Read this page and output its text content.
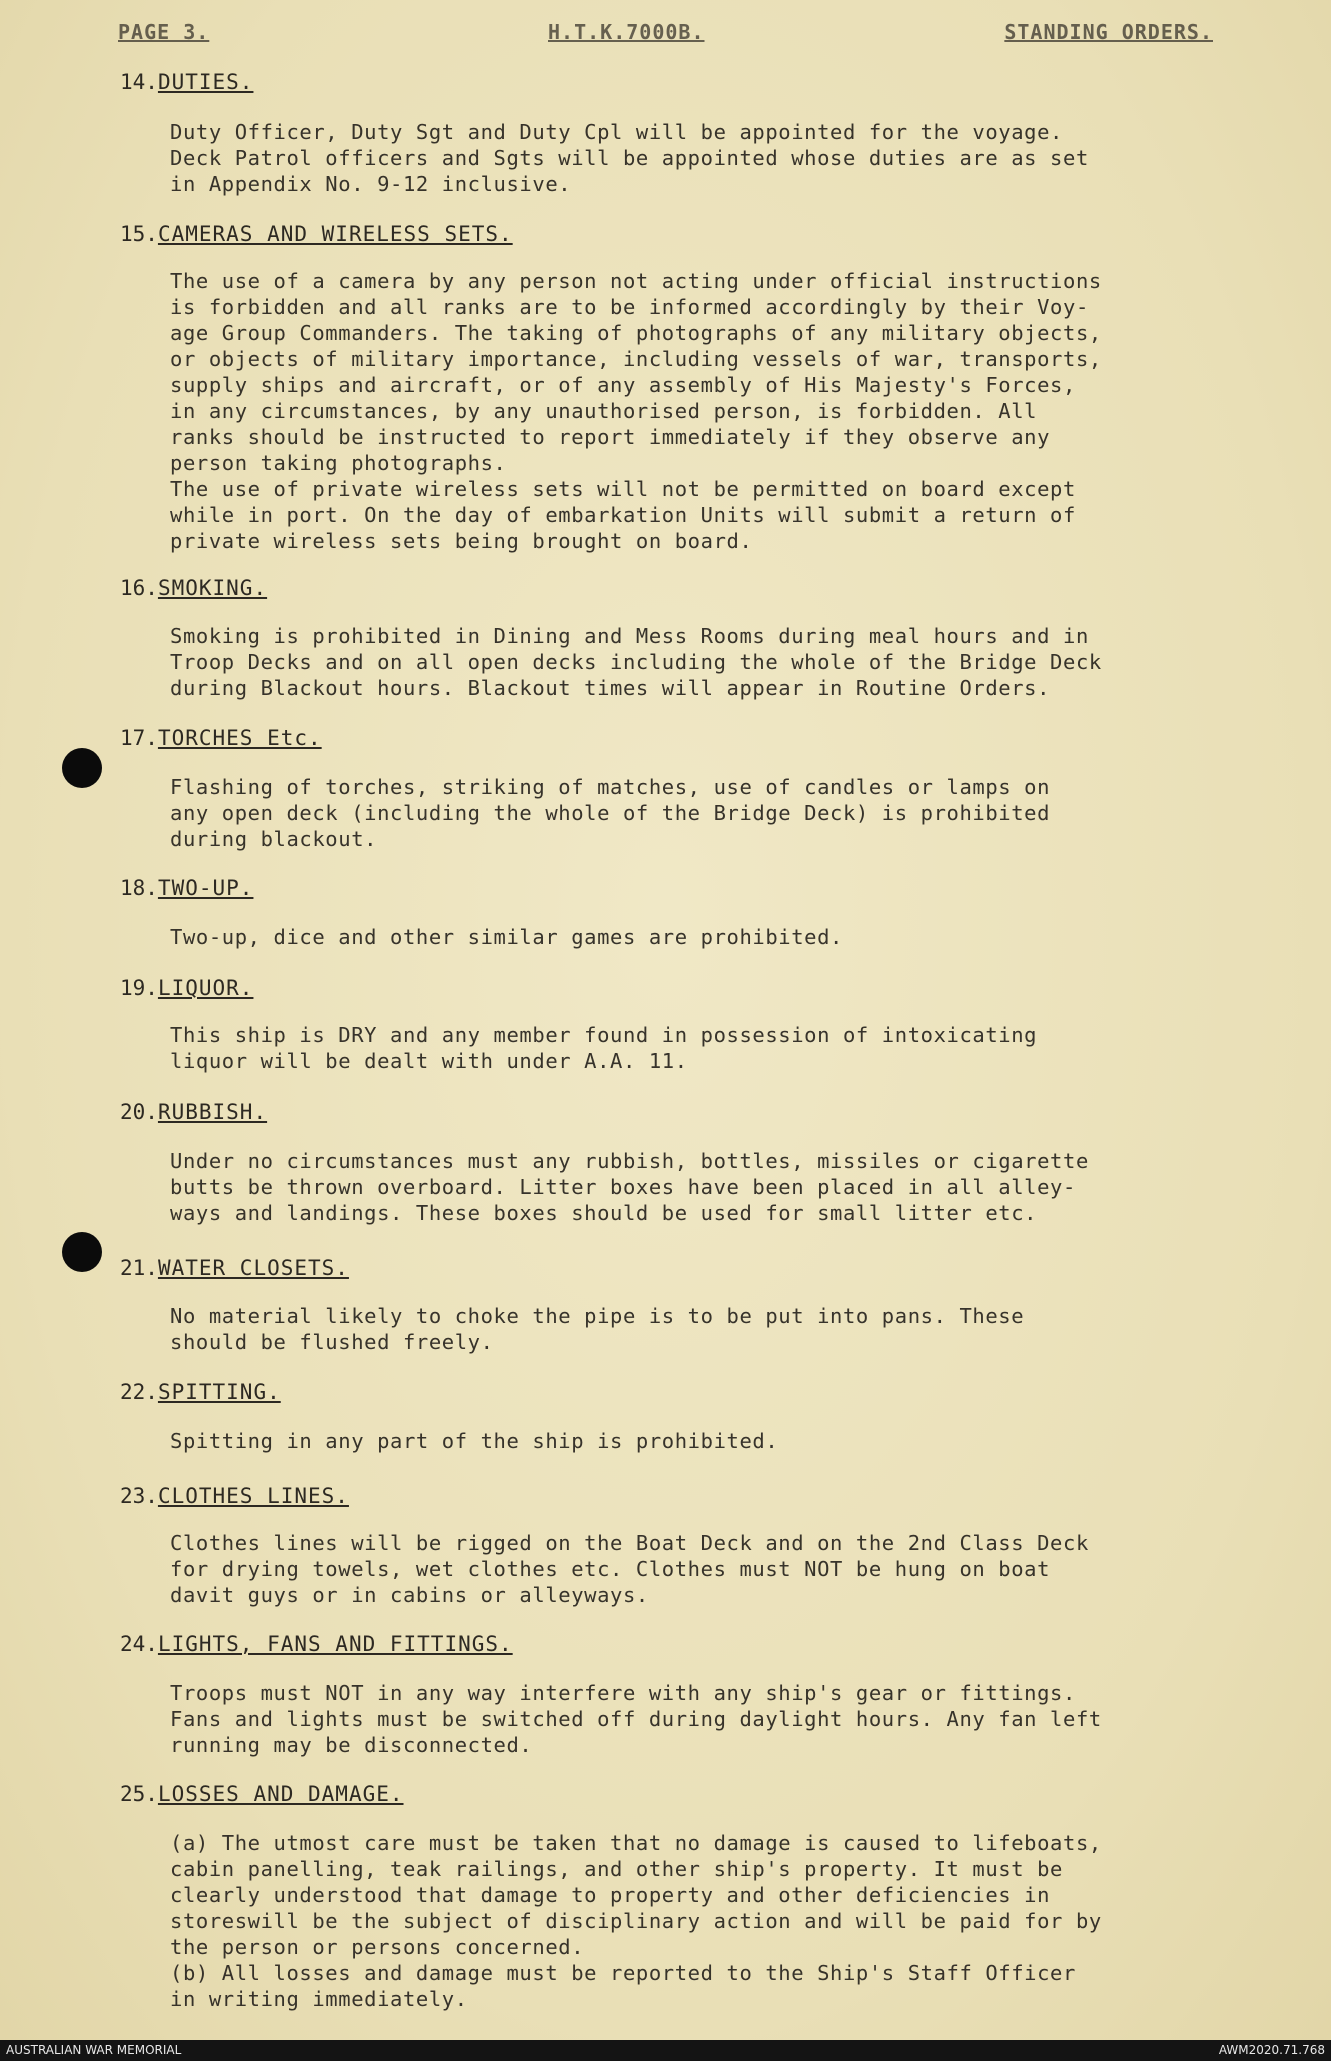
PAGE 3.	H.T.K.7000B.	STANDING ORDERS.
14.DUTIES.
Duty Officer, Duty Sgt and Duty Cpl will be appointed for the voyage.
Deck Patrol officers and Sgts will be appointed whose duties are as set
in Appendix No. 9-12 inclusive.
15.CAMERAS AND WIRELESS SETS.
The use of a camera by any person not acting under official instructions
is forbidden and all ranks are to be informed accordingly by their Voy-
age Group Commanders. The taking of photographs of any military objects,
or objects of military importance, including vessels of war, transports,
supply ships and aircraft, or of any assembly of His Majesty's Forces,
in any circumstances, by any unauthorised person, is forbidden. All
ranks should be instructed to report immediately if they observe any
person taking photographs.
The use of private wireless sets will not be permitted on board except
while in port. On the day of embarkation Units will submit a return of
private wireless sets being brought on board.
16.SMOKING.
Smoking is prohibited in Dining and Mess Rooms during meal hours and in
Troop Decks and on all open decks including the whole of the Bridge Deck
during Blackout hours. Blackout times will appear in Routine Orders.
17.TORCHES Etc.
Flashing of torches, striking of matches, use of candles or lamps on
any open deck (including the whole of the Bridge Deck) is prohibited
during blackout.
18.TWO-UP.
Two-up, dice and other similar games are prohibited.
19.LIQUOR.
This ship is DRY and any member found in possession of intoxicating
liquor will be dealt with under A.A. 11.
20.RUBBISH.
Under no circumstances must any rubbish, bottles, missiles or cigarette
butts be thrown overboard. Litter boxes have been placed in all alley-
ways and landings. These boxes should be used for small litter etc.
21.WATER CLOSETS.
No material likely to choke the pipe is to be put into pans. These
should be flushed freely.
22.SPITTING.
Spitting in any part of the ship is prohibited.
23.CLOTHES LINES.
Clothes lines will be rigged on the Boat Deck and on the 2nd Class Deck
for drying towels, wet clothes etc. Clothes must NOT be hung on boat
davit guys or in cabins or alleyways.
24.LIGHTS, FANS AND FITTINGS.
Troops must NOT in any way interfere with any ship's gear or fittings.
Fans and lights must be switched off during daylight hours. Any fan left
running may be disconnected.
25.LOSSES AND DAMAGE.
(a) The utmost care must be taken that no damage is caused to lifeboats,
cabin panelling, teak railings, and other ship's property. It must be
clearly understood that damage to property and other deficiencies in
storeswill be the subject of disciplinary action and will be paid for by
the person or persons concerned.
(b) All losses and damage must be reported to the Ship's Staff Officer
in writing immediately.
AUSTRALIAN WAR MEMORIAL	AWM2020.71.768
